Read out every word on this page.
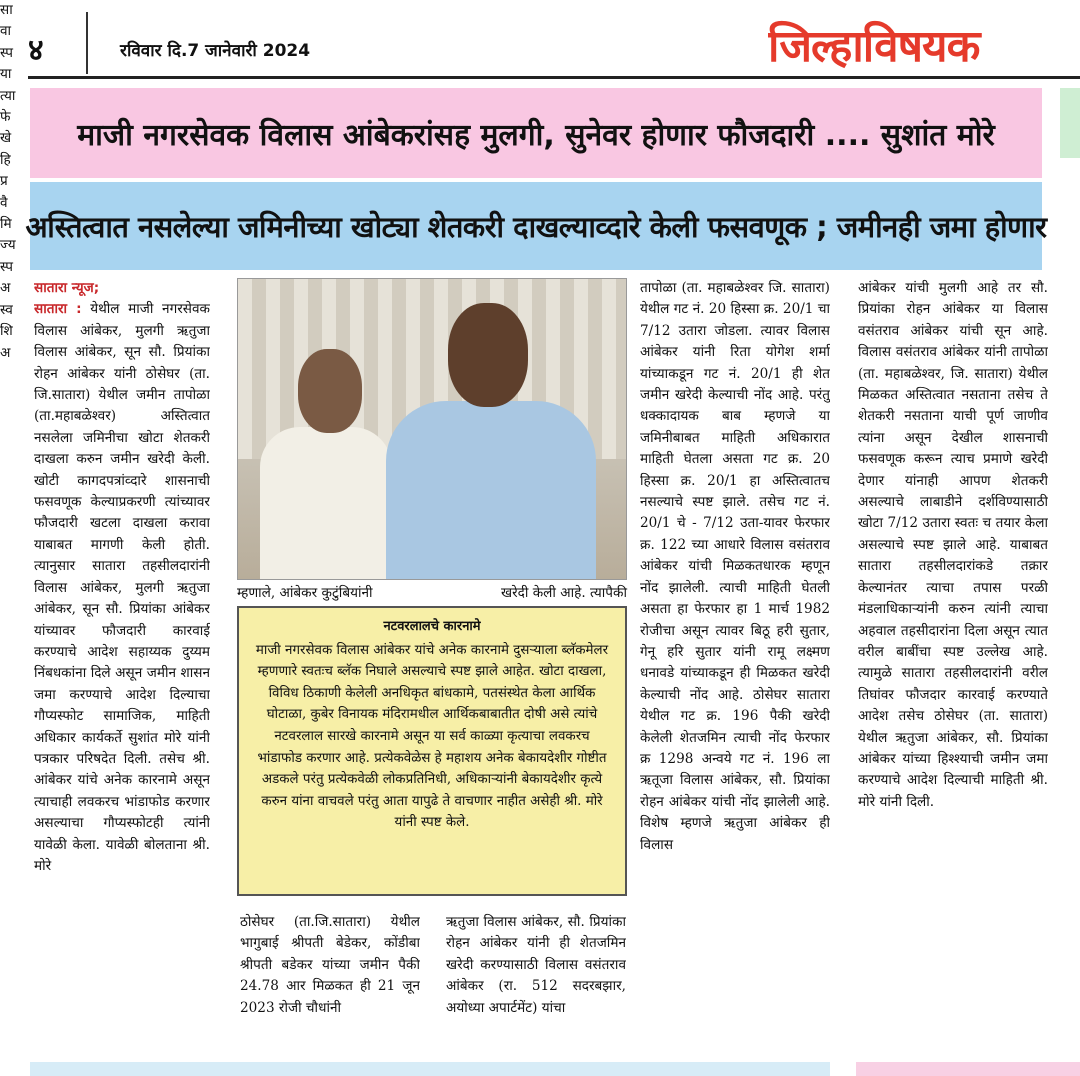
४	रविवार दि.7 जानेवारी 2024	जिल्हाविषयक
माजी नगरसेवक विलास आंबेकरांसह मुलगी, सुनेवर होणार फौजदारी .... सुशांत मोरे
अस्तित्वात नसलेल्या जमिनीच्या खोट्या शेतकरी दाखल्याव्दारे केली फसवणूक ; जमीनही जमा होणार
सातारा न्यूज;
सातारा : येथील माजी नगरसेवक विलास आंबेकर, मुलगी ऋतुजा विलास आंबेकर, सून सौ. प्रियांका रोहन आंबेकर यांनी ठोसेघर (ता. जि.सातारा) येथील जमीन तापोळा (ता.महाबळेश्वर) अस्तित्वात नसलेला जमिनीचा खोटा शेतकरी दाखला करुन जमीन खरेदी केली. खोटी कागदपत्रांव्दारे शासनाची फसवणूक केल्याप्रकरणी त्यांच्यावर फौजदारी खटला दाखला करावा याबाबत मागणी केली होती. त्यानुसार सातारा तहसीलदारांनी विलास आंबेकर, मुलगी ऋतुजा आंबेकर, सून सौ. प्रियांका आंबेकर यांच्यावर फौजदारी कारवाई करण्याचे आदेश सहाय्यक दुय्यम निंबधकांना दिले असून जमीन शासन जमा करण्याचे आदेश दिल्याचा गौप्यस्फोट सामाजिक, माहिती अधिकार कार्यकर्ते सुशांत मोरे यांनी पत्रकार परिषदेत दिली. तसेच श्री. आंबेकर यांचे अनेक कारनामे असून त्याचाही लवकरच भांडाफोड करणार असल्याचा गौप्यस्फोटही त्यांनी यावेळी केला. यावेळी बोलताना श्री. मोरे
म्हणाले, आंबेकर कुटुंबियांनी	खरेदी केली आहे. त्यापैकी
नटवरलालचे कारनामे
माजी नगरसेवक विलास आंबेकर यांचे अनेक कारनामे दुसऱ्याला ब्लॅकमेलर म्हणणारे स्वतःच ब्लॅक निघाले असल्याचे स्पष्ट झाले आहेत. खोटा दाखला, विविध ठिकाणी केलेली अनधिकृत बांधकामे, पतसंस्थेत केला आर्थिक घोटाळा, कुबेर विनायक मंदिरामधील आर्थिकबाबातीत दोषी असे त्यांचे नटवरलाल सारखे कारनामे असून या सर्व काळ्या कृत्याचा लवकरच भांडाफोड करणार आहे. प्रत्येकवेळेस हे महाशय अनेक बेकायदेशीर गोष्टीत अडकले परंतु प्रत्येकवेळी लोकप्रतिनिधी, अधिकाऱ्यांनी बेकायदेशीर कृत्ये करुन यांना वाचवले परंतु आता यापुढे ते वाचणार नाहीत असेही श्री. मोरे यांनी स्पष्ट केले.
ठोसेघर (ता.जि.सातारा) येथील भागुबाई श्रीपती बेडेकर, कोंडीबा श्रीपती बडेकर यांच्या जमीन पैकी 24.78 आर मिळकत ही 21 जून 2023 रोजी चौधांनी
ऋतुजा विलास आंबेकर, सौ. प्रियांका रोहन आंबेकर यांनी ही शेतजमिन खरेदी करण्यासाठी विलास वसंतराव आंबेकर (रा. 512 सदरबझार, अयोध्या अपार्टमेंट) यांचा
तापोळा (ता. महाबळेश्वर जि. सातारा) येथील गट नं. 20 हिस्सा क्र. 20/1 चा 7/12 उतारा जोडला. त्यावर विलास आंबेकर यांनी रिता योगेश शर्मा यांच्याकडून गट नं. 20/1 ही शेत जमीन खरेदी केल्याची नोंद आहे. परंतु धक्कादायक बाब म्हणजे या जमिनीबाबत माहिती अधिकारात माहिती घेतला असता गट क्र. 20 हिस्सा क्र. 20/1 हा अस्तित्वातच नसल्याचे स्पष्ट झाले. तसेच गट नं. 20/1 चे - 7/12 उता-यावर फेरफार क्र. 122 च्या आधारे विलास वसंतराव आंबेकर यांची मिळकतधारक म्हणून नोंद झालेली. त्याची माहिती घेतली असता हा फेरफार हा 1 मार्च 1982 रोजीचा असून त्यावर बिठू हरी सुतार, गेनू हरि सुतार यांनी रामू लक्ष्मण धनावडे यांच्याकडून ही मिळकत खरेदी केल्याची नोंद आहे. ठोसेघर सातारा येथील गट क्र. 196 पैकी खरेदी केलेली शेतजमिन त्याची नोंद फेरफार क्र 1298 अन्वये गट नं. 196 ला ऋतूजा विलास आंबेकर, सौ. प्रियांका रोहन आंबेकर यांची नोंद झालेली आहे. विशेष म्हणजे ऋतुजा आंबेकर ही विलास
आंबेकर यांची मुलगी आहे तर सौ. प्रियांका रोहन आंबेकर या विलास वसंतराव आंबेकर यांची सून आहे. विलास वसंतराव आंबेकर यांनी तापोळा (ता. महाबळेश्वर, जि. सातारा) येथील मिळकत अस्तित्वात नसताना तसेच ते शेतकरी नसताना याची पूर्ण जाणीव त्यांना असून देखील शासनाची फसवणूक करून त्याच प्रमाणे खरेदी देणार यांनाही आपण शेतकरी असल्याचे लाबाडीने दर्शविण्यासाठी खोटा 7/12 उतारा स्वतः च तयार केला असल्याचे स्पष्ट झाले आहे. याबाबत सातारा तहसीलदारांकडे तक्रार केल्यानंतर त्याचा तपास परळी मंडलाधिकाऱ्यांनी करुन त्यांनी त्याचा अहवाल तहसीदारांना दिला असून त्यात वरील बाबींचा स्पष्ट उल्लेख आहे. त्यामुळे सातारा तहसीलदारांनी वरील तिघांवर फौजदार कारवाई करण्याते आदेश तसेच ठोसेघर (ता. सातारा) येथील ऋतुजा आंबेकर, सौ. प्रियांका आंबेकर यांच्या हिश्श्याची जमीन जमा करण्याचे आदेश दिल्याची माहिती श्री. मोरे यांनी दिली.
सा
वा
स्प
या
त्या
फे
खे
हि
प्र
वै
मि
ज्य
स्प
अ
स्व
शि
अ
